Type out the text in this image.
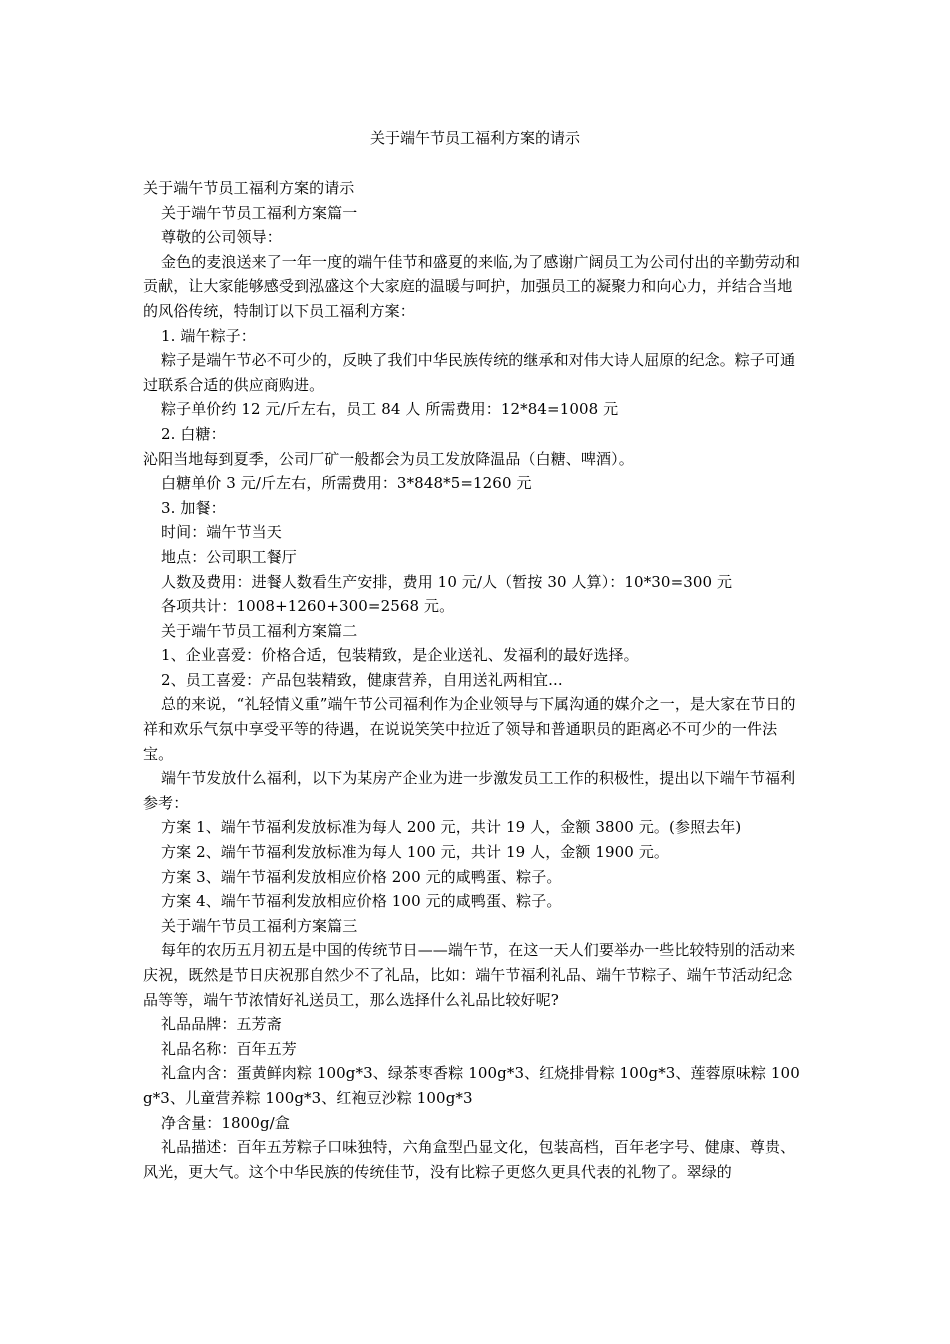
关于端午节员工福利方案的请示

关于端午节员工福利方案的请示

关于端午节员工福利方案篇一

尊敬的公司领导：

金色的麦浪送来了一年一度的端午佳节和盛夏的来临,为了感谢广阔员工为公司付出的辛勤劳动和贡献，让大家能够感受到泓盛这个大家庭的温暖与呵护，加强员工的凝聚力和向心力，并结合当地的风俗传统，特制订以下员工福利方案：

1. 端午粽子：

粽子是端午节必不可少的，反映了我们中华民族传统的继承和对伟大诗人屈原的纪念。粽子可通过联系合适的供应商购进。

粽子单价约 12 元/斤左右，员工 84 人 所需费用：12*84=1008 元

2. 白糖：

沁阳当地每到夏季，公司厂矿一般都会为员工发放降温品（白糖、啤酒）。

白糖单价 3 元/斤左右，所需费用：3*848*5=1260 元

3. 加餐：

时间：端午节当天

地点：公司职工餐厅

人数及费用：进餐人数看生产安排，费用 10 元/人（暂按 30 人算）：10*30=300 元

各项共计：1008+1260+300=2568 元。

关于端午节员工福利方案篇二

1、企业喜爱：价格合适，包装精致，是企业送礼、发福利的最好选择。

2、员工喜爱：产品包装精致，健康营养，自用送礼两相宜...

总的来说，“礼轻情义重”端午节公司福利作为企业领导与下属沟通的媒介之一，是大家在节日的祥和欢乐气氛中享受平等的待遇，在说说笑笑中拉近了领导和普通职员的距离必不可少的一件法宝。

端午节发放什么福利，以下为某房产企业为进一步激发员工工作的积极性，提出以下端午节福利参考：

方案 1、端午节福利发放标准为每人 200 元，共计 19 人，金额 3800 元。(参照去年)

方案 2、端午节福利发放标准为每人 100 元，共计 19 人，金额 1900 元。

方案 3、端午节福利发放相应价格 200 元的咸鸭蛋、粽子。

方案 4、端午节福利发放相应价格 100 元的咸鸭蛋、粽子。

关于端午节员工福利方案篇三

每年的农历五月初五是中国的传统节日——端午节，在这一天人们要举办一些比较特别的活动来庆祝，既然是节日庆祝那自然少不了礼品，比如：端午节福利礼品、端午节粽子、端午节活动纪念品等等，端午节浓情好礼送员工，那么选择什么礼品比较好呢?

礼品品牌：五芳斋

礼品名称：百年五芳

礼盒内含：蛋黄鲜肉粽 100g*3、绿茶枣香粽 100g*3、红烧排骨粽 100g*3、莲蓉原味粽 100g*3、儿童营养粽 100g*3、红袍豆沙粽 100g*3

净含量：1800g/盒

礼品描述：百年五芳粽子口味独特，六角盒型凸显文化，包装高档，百年老字号、健康、尊贵、风光，更大气。这个中华民族的传统佳节，没有比粽子更悠久更具代表的礼物了。翠绿的
